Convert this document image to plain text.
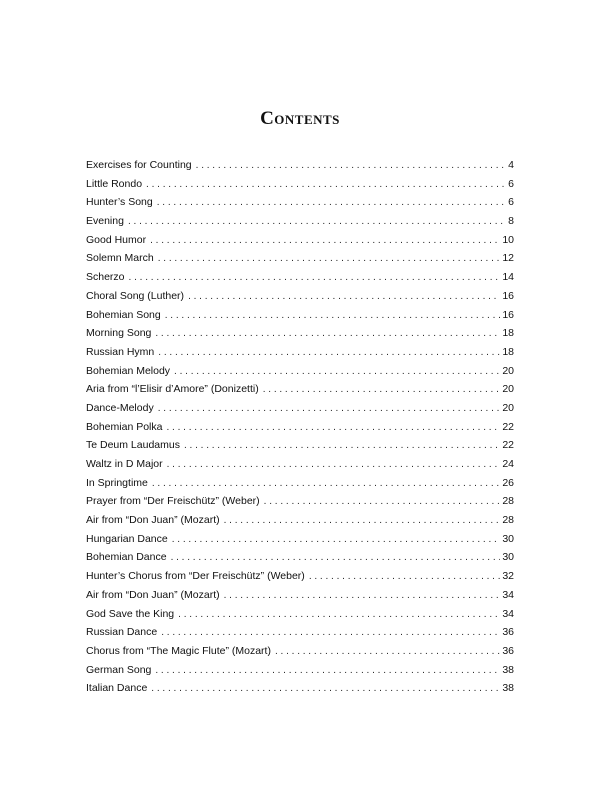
Contents
Exercises for Counting . . .	4
Little Rondo . . .	6
Hunter’s Song . . .	6
Evening . . .	8
Good Humor . . .	10
Solemn March . . .	12
Scherzo . . .	14
Choral Song (Luther) . . .	16
Bohemian Song . . .	16
Morning Song . . .	18
Russian Hymn . . .	18
Bohemian Melody . . .	20
Aria from “l’Elisir d’Amore” (Donizetti) . . .	20
Dance-Melody . . .	20
Bohemian Polka . . .	22
Te Deum Laudamus . . .	22
Waltz in D Major . . .	24
In Springtime . . .	26
Prayer from “Der Freischütz” (Weber) . . .	28
Air from “Don Juan” (Mozart) . . .	28
Hungarian Dance . . .	30
Bohemian Dance . . .	30
Hunter’s Chorus from “Der Freischütz” (Weber) . . .	32
Air from “Don Juan” (Mozart) . . .	34
God Save the King . . .	34
Russian Dance . . .	36
Chorus from “The Magic Flute” (Mozart) . . .	36
German Song . . .	38
Italian Dance . . .	38
